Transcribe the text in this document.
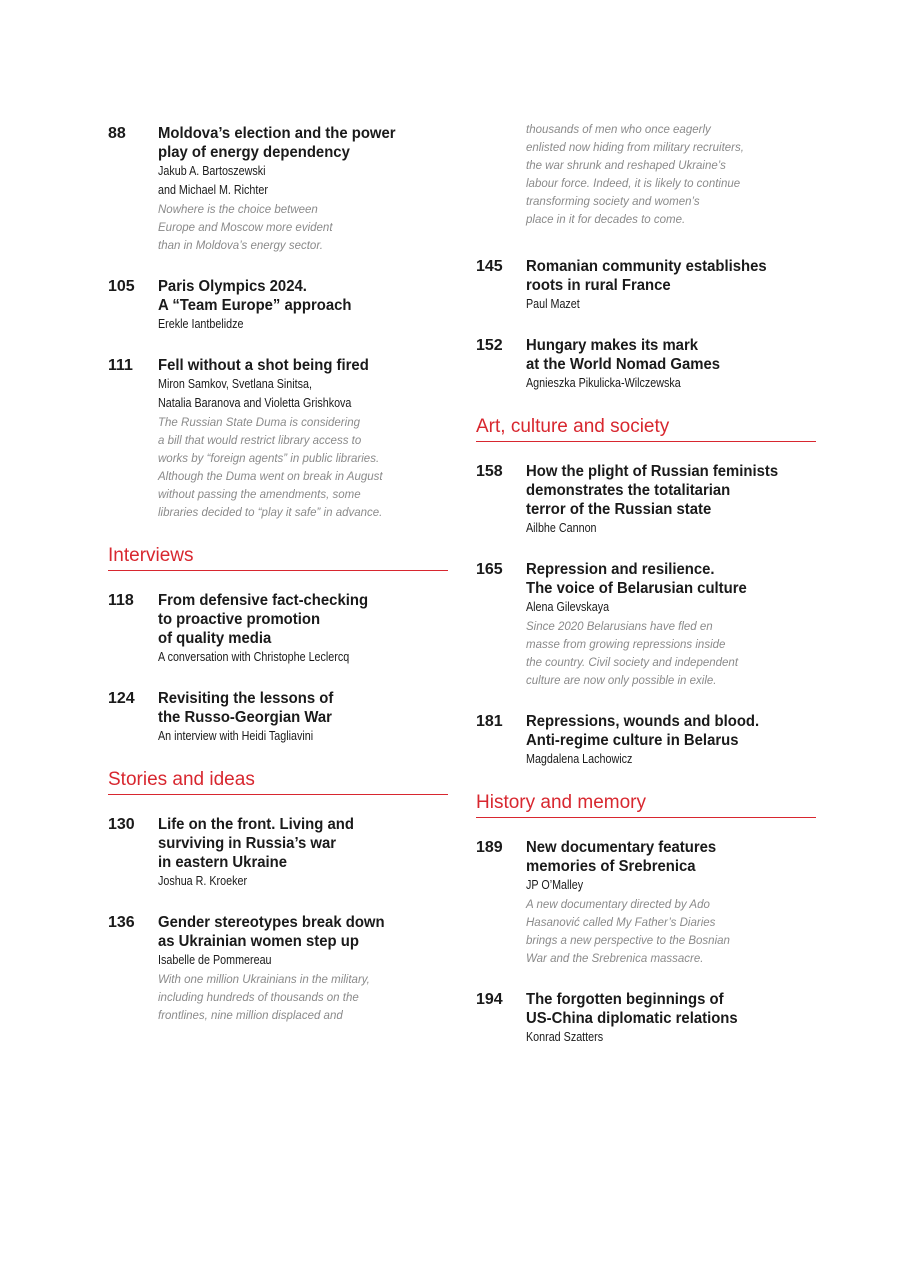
88 Moldova’s election and the power
play of energy dependency
Jakub A. Bartoszewski
and Michael M. Richter
Nowhere is the choice between
Europe and Moscow more evident
than in Moldova’s energy sector.
105 Paris Olympics 2024.
A “Team Europe” approach
Erekle Iantbelidze
111 Fell without a shot being fired
Miron Samkov, Svetlana Sinitsa,
Natalia Baranova and Violetta Grishkova
The Russian State Duma is considering
a bill that would restrict library access to
works by “foreign agents” in public libraries.
Although the Duma went on break in August
without passing the amendments, some
libraries decided to “play it safe” in advance.
Interviews
118 From defensive fact-checking
to proactive promotion
of quality media
A conversation with Christophe Leclercq
124 Revisiting the lessons of
the Russo-Georgian War
An interview with Heidi Tagliavini
Stories and ideas
130 Life on the front. Living and
surviving in Russia’s war
in eastern Ukraine
Joshua R. Kroeker
136 Gender stereotypes break down
as Ukrainian women step up
Isabelle de Pommereau
With one million Ukrainians in the military,
including hundreds of thousands on the
frontlines, nine million displaced and
thousands of men who once eagerly
enlisted now hiding from military recruiters,
the war shrunk and reshaped Ukraine’s
labour force. Indeed, it is likely to continue
transforming society and women’s
place in it for decades to come.
145 Romanian community establishes
roots in rural France
Paul Mazet
152 Hungary makes its mark
at the World Nomad Games
Agnieszka Pikulicka-Wilczewska
Art, culture and society
158 How the plight of Russian feminists
demonstrates the totalitarian
terror of the Russian state
Ailbhe Cannon
165 Repression and resilience.
The voice of Belarusian culture
Alena Gilevskaya
Since 2020 Belarusians have fled en
masse from growing repressions inside
the country. Civil society and independent
culture are now only possible in exile.
181 Repressions, wounds and blood.
Anti-regime culture in Belarus
Magdalena Lachowicz
History and memory
189 New documentary features
memories of Srebrenica
JP O’Malley
A new documentary directed by Ado
Hasanović called My Father’s Diaries
brings a new perspective to the Bosnian
War and the Srebrenica massacre.
194 The forgotten beginnings of
US-China diplomatic relations
Konrad Szatters
